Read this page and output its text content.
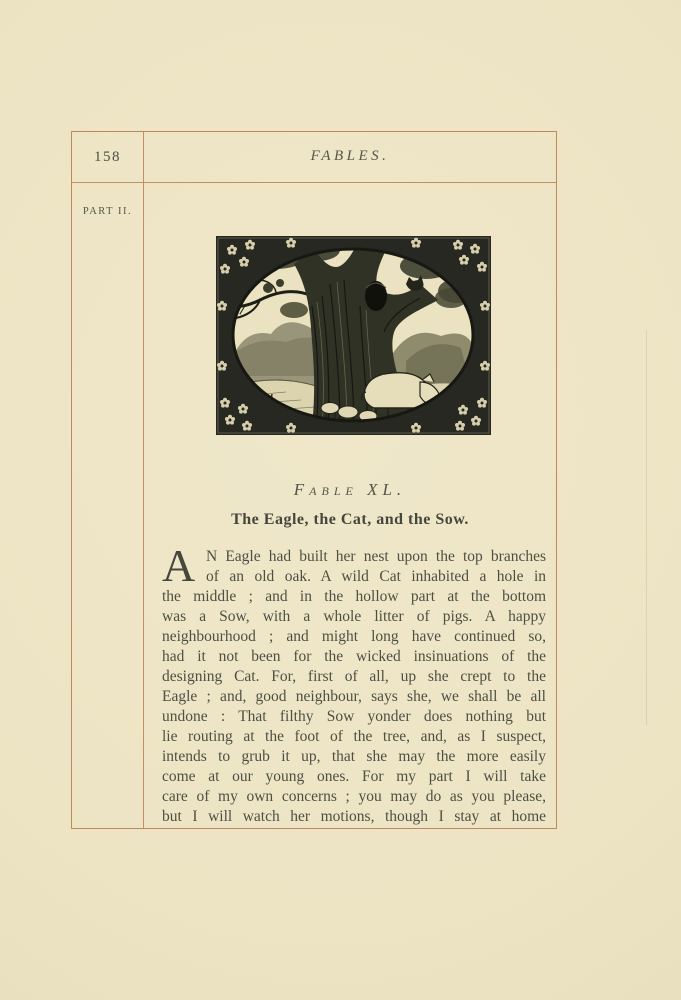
158	FABLES.
PART II.
Fable XL.
The Eagle, the Cat, and the Sow.
A N Eagle had built her nest upon the top branches
of an old oak. A wild Cat inhabited a hole in
the middle ; and in the hollow part at the bottom
was a Sow, with a whole litter of pigs. A happy
neighbourhood ; and might long have continued so,
had it not been for the wicked insinuations of the
designing Cat. For, first of all, up she crept to the
Eagle ; and, good neighbour, says she, we shall be all
undone : That filthy Sow yonder does nothing but
lie routing at the foot of the tree, and, as I suspect,
intends to grub it up, that she may the more easily
come at our young ones. For my part I will take
care of my own concerns ; you may do as you please,
but I will watch her motions, though I stay at home
